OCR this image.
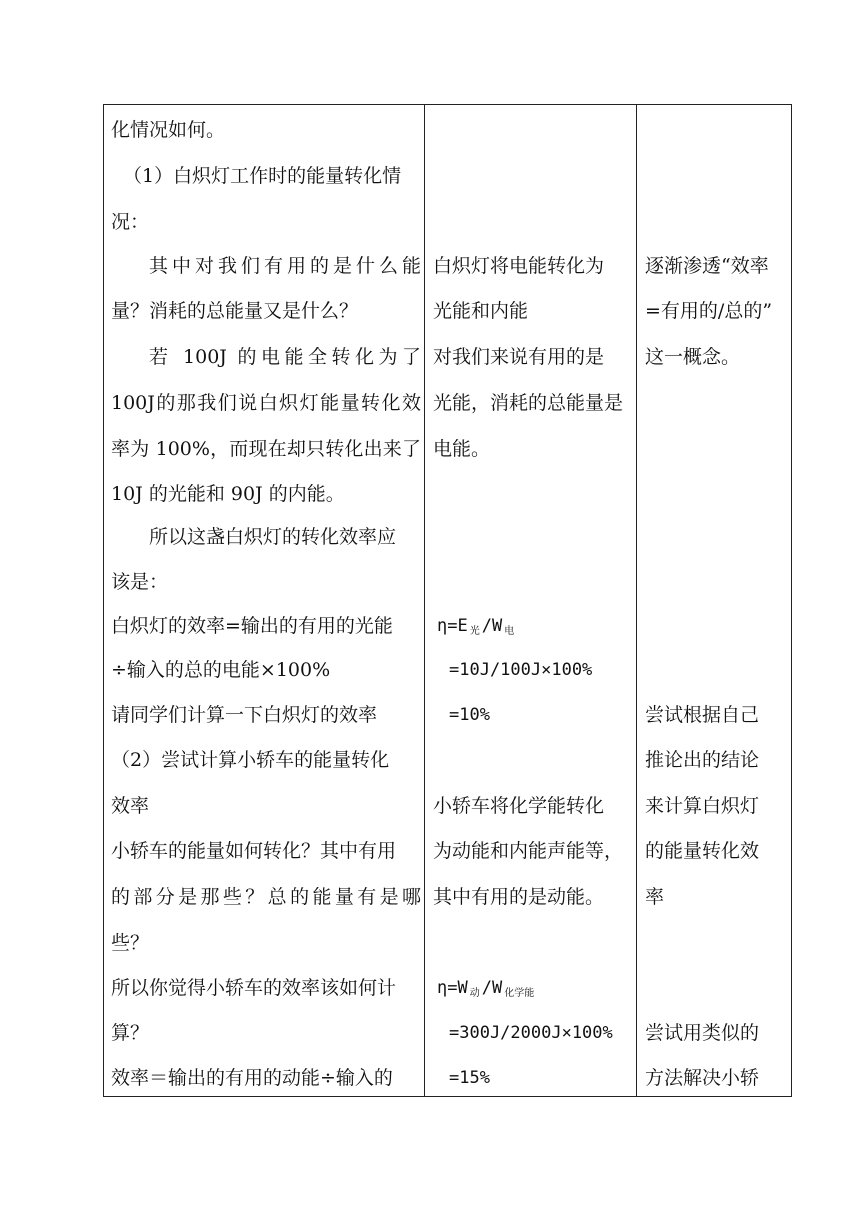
化情况如何。
（1）白炽灯工作时的能量转化情
况：
其中对我们有用的是什么能
量？消耗的总能量又是什么？
若 100J 的电能全转化为了
100J的那我们说白炽灯能量转化效
率为 100%，而现在却只转化出来了
10J 的光能和 90J 的内能。
所以这盏白炽灯的转化效率应
该是：
白炽灯的效率=输出的有用的光能
÷输入的总的电能×100%
请同学们计算一下白炽灯的效率
（2）尝试计算小轿车的能量转化
效率
小轿车的能量如何转化？其中有用
的部分是那些？总的能量有是哪
些？
所以你觉得小轿车的效率该如何计
算？
效率＝输出的有用的动能÷输入的
白炽灯将电能转化为
光能和内能
对我们来说有用的是
光能，消耗的总能量是
电能。
η=E $_光$ /W $_电$
=10J/100J×100%
=10%
小轿车将化学能转化
为动能和内能声能等，
其中有用的是动能。
η=W $_动$ /W $_{化学能}$
=300J/2000J×100%
=15%
逐渐渗透“效率
=有用的/总的”
这一概念。
尝试根据自己
推论出的结论
来计算白炽灯
的能量转化效
率
尝试用类似的
方法解决小轿
